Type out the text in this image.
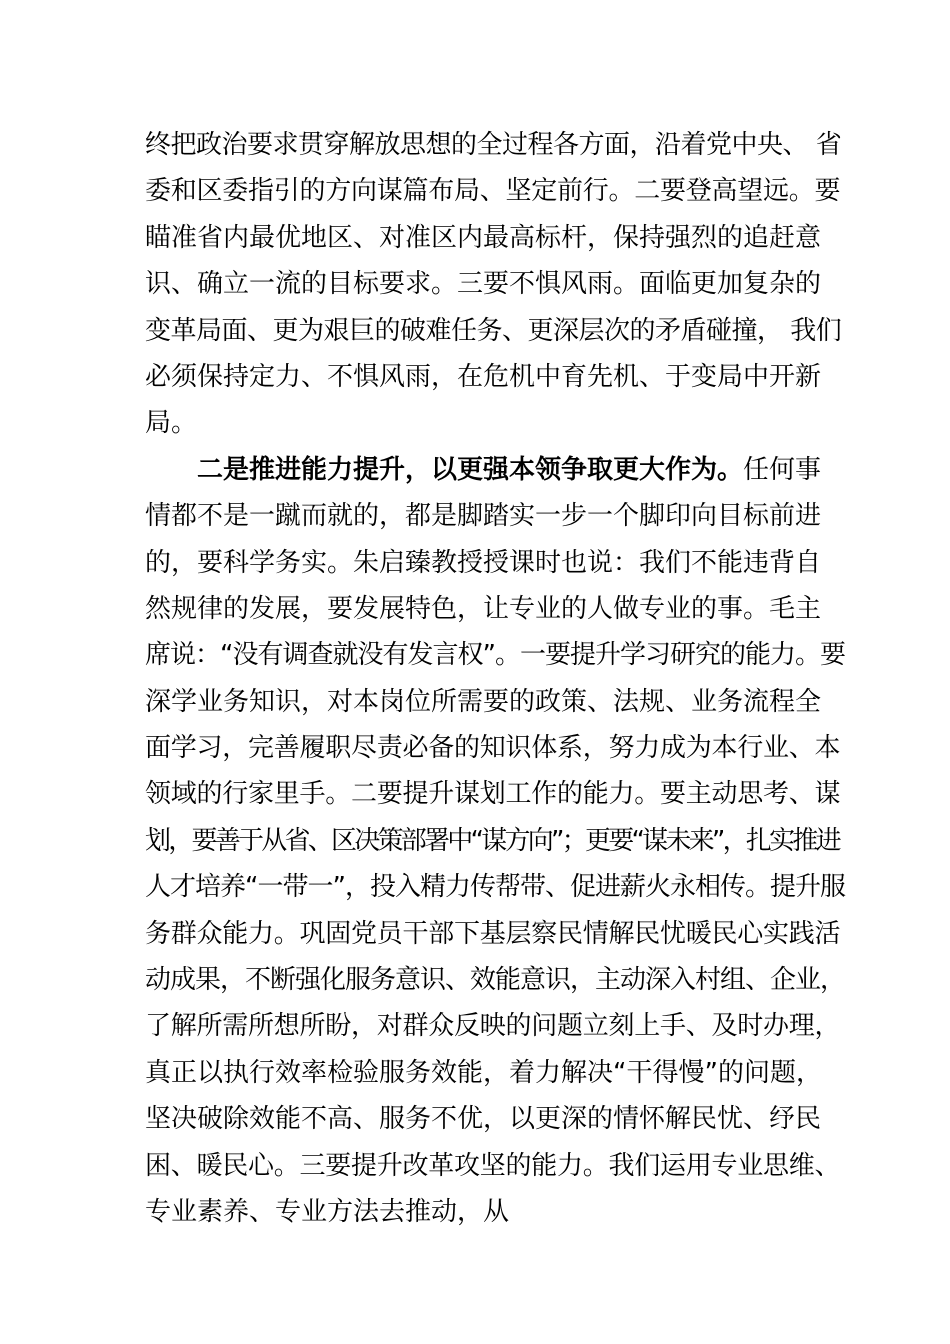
终把政治要求贯穿解放思想的全过程各方面，沿着党中央、 省
委和区委指引的方向谋篇布局、坚定前行。二要登高望远。要
瞄准省内最优地区、对准区内最高标杆，保持强烈的追赶意
识、确立一流的目标要求。三要不惧风雨。面临更加复杂的
变革局面、更为艰巨的破难任务、更深层次的矛盾碰撞， 我们
必须保持定力、不惧风雨，在危机中育先机、于变局中开新
局。
二是推进能力提升，以更强本领争取更大作为。任何事
情都不是一蹴而就的，都是脚踏实一步一个脚印向目标前进
的，要科学务实。朱启臻教授授课时也说：我们不能违背自
然规律的发展，要发展特色，让专业的人做专业的事。毛主
席说：“没有调查就没有发言权”。一要提升学习研究的能力。要
深学业务知识，对本岗位所需要的政策、法规、业务流程全
面学习，完善履职尽责必备的知识体系，努力成为本行业、本
领域的行家里手。二要提升谋划工作的能力。要主动思考、谋
划，要善于从省、区决策部署中“谋方向”；更要“谋未来”，扎实推进
人才培养“一带一”，投入精力传帮带、促进薪火永相传。提升服
务群众能力。巩固党员干部下基层察民情解民忧暖民心实践活
动成果，不断强化服务意识、效能意识，主动深入村组、企业，
了解所需所想所盼，对群众反映的问题立刻上手、及时办理，
真正以执行效率检验服务效能，着力解决“干得慢”的问题，
坚决破除效能不高、服务不优，以更深的情怀解民忧、纾民
困、暖民心。三要提升改革攻坚的能力。我们运用专业思维、
专业素养、专业方法去推动，从
